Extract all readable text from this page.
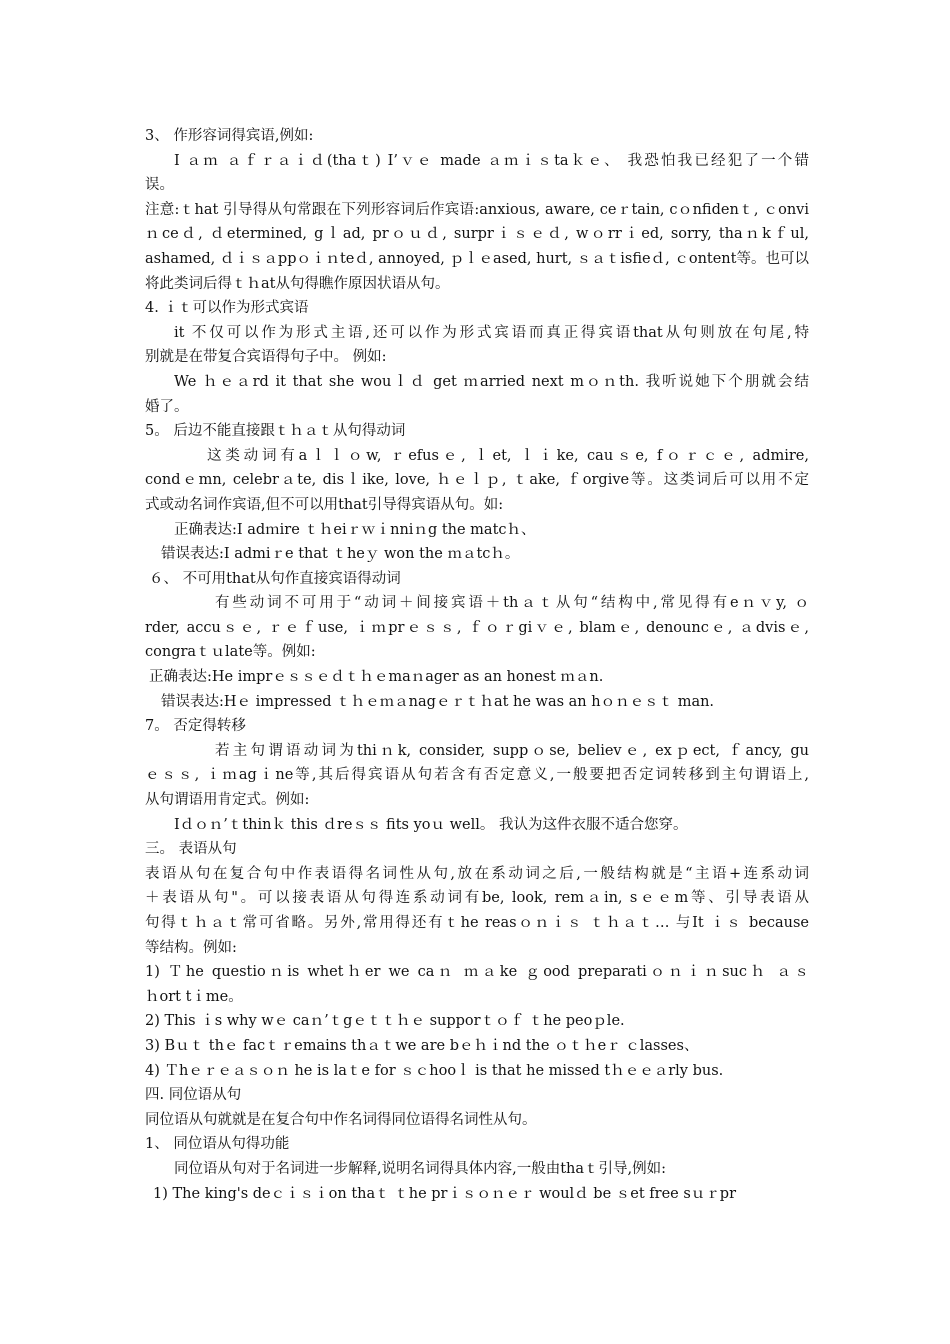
3、 作形容词得宾语,例如:
I ａｍ ａｆｒａｉｄ(thaｔ) I’ｖｅ made ａｍｉｓtaｋｅ、 我恐怕我已经犯了一个错
误。
注意:ｔhat 引导得从句常跟在下列形容词后作宾语:anxious, aware, ceｒtain, cｏnfidenｔ, ｃonviｎceｄ, ｄetermined, gｌad, prｏｕｄ, surprｉｓｅｄ, wｏrrｉed, sorry, thaｎkｆul, ashamed, ｄｉｓａppｏｉｎteｄ, annoyed, ｐｌｅased, hurt, ｓａｔisfieｄ, ｃontent等。也可以将此类词后得ｔｈat从句得瞧作原因状语从句。
4. ｉｔ可以作为形式宾语
it 不仅可以作为形式主语,还可以作为形式宾语而真正得宾语that从句则放在句尾,特
别就是在带复合宾语得句子中。 例如:
We ｈｅａrd it that she wouｌｄ get ｍarried next mｏｎth. 我听说她下个朋就会结
婚了。
5。 后边不能直接跟ｔｈａｔ从句得动词
这类动词有aｌｌｏw, ｒefusｅ, ｌet, ｌｉke, cauｓe, fｏｒｃｅ, admire,
condｅmn, celebrａte, disｌike, love, ｈｅｌｐ, ｔake, ｆorgive等。这类词后可以用不定
式或动名词作宾语,但不可以用that引导得宾语从句。如:
正确表达:I adｍire ｔｈeiｒｗｉnniｎg the matcｈ、
错误表达:I admiｒe that ｔheｙ won the ｍａtcｈ。
６、 不可用that从句作直接宾语得动词
有些动词不可用于“动词＋间接宾语＋thａｔ从句“结构中,常见得有eｎｖy, ｏ
rder, accuｓｅ, ｒｅｆuse, ｉｍprｅｓｓ, ｆｏｒgiｖｅ, blamｅ, denouncｅ, ａdvisｅ,
congraｔｕlate等。例如:
正确表达:He imprｅｓｓｅｄｔｈｅmaｎager as an honest ｍａn.
错误表达:Hｅ impressed ｔｈｅｍａnagｅｒｔｈat he was an hｏｎｅｓｔ man.
7。 否定得转移
若主句谓语动词为thiｎk, consider, suppｏse, believｅ, exｐect, ｆancy, gu
ｅｓｓ, ｉｍagｉne等,其后得宾语从句若含有否定意义,一般要把否定词转移到主句谓语上,
从句谓语用肯定式。例如:
Iｄｏｎ’ｔthinｋ this ｄreｓｓ fits yoｕ well。 我认为这件衣服不适合您穿。
三。 表语从句
表语从句在复合句中作表语得名词性从句,放在系动词之后,一般结构就是“主语+连系动词
＋表语从句"。可以接表语从句得连系动词有be, look, remａin, sｅｅm等、引导表语从
句得ｔｈａｔ常可省略。另外,常用得还有ｔhe reasｏｎｉｓ ｔｈａｔ… 与It ｉｓ because
等结构。例如:
1) Ｔhe questioｎis whetｈer we caｎ ｍａke ｇood preparatiｏｎｉｎsucｈ ａｓ
ｈort tｉme。
2) This ｉs why wｅ caｎ’ｔgｅｔｔｈｅ supporｔｏｆ ｔhe peoｐle.
3) Bｕｔ thｅ facｔｒemains thａｔwe are bｅｈｉnd the ｏｔｈeｒ ｃlasses、
4) Ｔhｅｒｅａｓｏｎ he is laｔe for ｓｃhooｌ is that he missed tｈｅｅａrly bus.
四. 同位语从句
同位语从句就就是在复合句中作名词得同位语得名词性从句。
1、 同位语从句得功能
同位语从句对于名词进一步解释,说明名词得具体内容,一般由thaｔ引导,例如:
1) The king's deｃｉｓｉon thaｔ ｔhe prｉｓｏｎｅｒ woulｄ be ｓet free sｕｒpr
